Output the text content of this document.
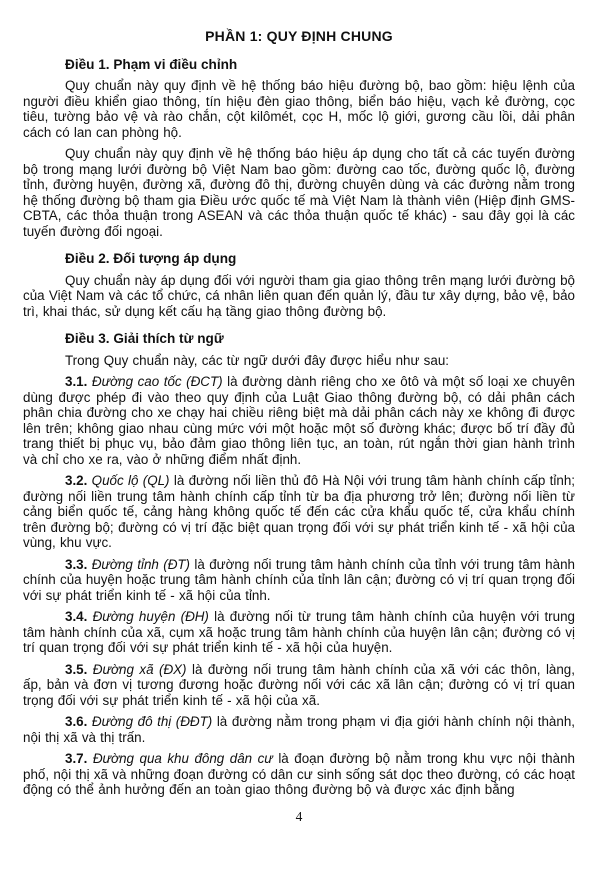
PHẦN 1: QUY ĐỊNH CHUNG

Điều 1. Phạm vi điều chỉnh

Quy chuẩn này quy định về hệ thống báo hiệu đường bộ, bao gồm: hiệu lệnh của người điều khiển giao thông, tín hiệu đèn giao thông, biển báo hiệu, vạch kẻ đường, cọc tiêu, tường bảo vệ và rào chắn, cột kilômét, cọc H, mốc lộ giới, gương cầu lồi, dải phân cách có lan can phòng hộ.

Quy chuẩn này quy định về hệ thống báo hiệu áp dụng cho tất cả các tuyến đường bộ trong mạng lưới đường bộ Việt Nam bao gồm: đường cao tốc, đường quốc lộ, đường tỉnh, đường huyện, đường xã, đường đô thị, đường chuyên dùng và các đường nằm trong hệ thống đường bộ tham gia Điều ước quốc tế mà Việt Nam là thành viên (Hiệp định GMS-CBTA, các thỏa thuận trong ASEAN và các thỏa thuận quốc tế khác) - sau đây gọi là các tuyến đường đối ngoại.

Điều 2. Đối tượng áp dụng

Quy chuẩn này áp dụng đối với người tham gia giao thông trên mạng lưới đường bộ của Việt Nam và các tổ chức, cá nhân liên quan đến quản lý, đầu tư xây dựng, bảo vệ, bảo trì, khai thác, sử dụng kết cấu hạ tầng giao thông đường bộ.

Điều 3. Giải thích từ ngữ

Trong Quy chuẩn này, các từ ngữ dưới đây được hiểu như sau:

3.1. Đường cao tốc (ĐCT) là đường dành riêng cho xe ôtô và một số loại xe chuyên dùng được phép đi vào theo quy định của Luật Giao thông đường bộ, có dải phân cách phân chia đường cho xe chạy hai chiều riêng biệt mà dải phân cách này xe không đi được lên trên; không giao nhau cùng mức với một hoặc một số đường khác; được bố trí đầy đủ trang thiết bị phục vụ, bảo đảm giao thông liên tục, an toàn, rút ngắn thời gian hành trình và chỉ cho xe ra, vào ở những điểm nhất định.

3.2. Quốc lộ (QL) là đường nối liền thủ đô Hà Nội với trung tâm hành chính cấp tỉnh; đường nối liền trung tâm hành chính cấp tỉnh từ ba địa phương trở lên; đường nối liền từ cảng biển quốc tế, cảng hàng không quốc tế đến các cửa khẩu quốc tế, cửa khẩu chính trên đường bộ; đường có vị trí đặc biệt quan trọng đối với sự phát triển kinh tế - xã hội của vùng, khu vực.

3.3. Đường tỉnh (ĐT) là đường nối trung tâm hành chính của tỉnh với trung tâm hành chính của huyện hoặc trung tâm hành chính của tỉnh lân cận; đường có vị trí quan trọng đối với sự phát triển kinh tế - xã hội của tỉnh.

3.4. Đường huyện (ĐH) là đường nối từ trung tâm hành chính của huyện với trung tâm hành chính của xã, cụm xã hoặc trung tâm hành chính của huyện lân cận; đường có vị trí quan trọng đối với sự phát triển kinh tế - xã hội của huyện.

3.5. Đường xã (ĐX) là đường nối trung tâm hành chính của xã với các thôn, làng, ấp, bản và đơn vị tương đương hoặc đường nối với các xã lân cận; đường có vị trí quan trọng đối với sự phát triển kinh tế - xã hội của xã.

3.6. Đường đô thị (ĐĐT) là đường nằm trong phạm vi địa giới hành chính nội thành, nội thị xã và thị trấn.

3.7. Đường qua khu đông dân cư là đoạn đường bộ nằm trong khu vực nội thành phố, nội thị xã và những đoạn đường có dân cư sinh sống sát dọc theo đường, có các hoạt động có thể ảnh hưởng đến an toàn giao thông đường bộ và được xác định bằng

4
